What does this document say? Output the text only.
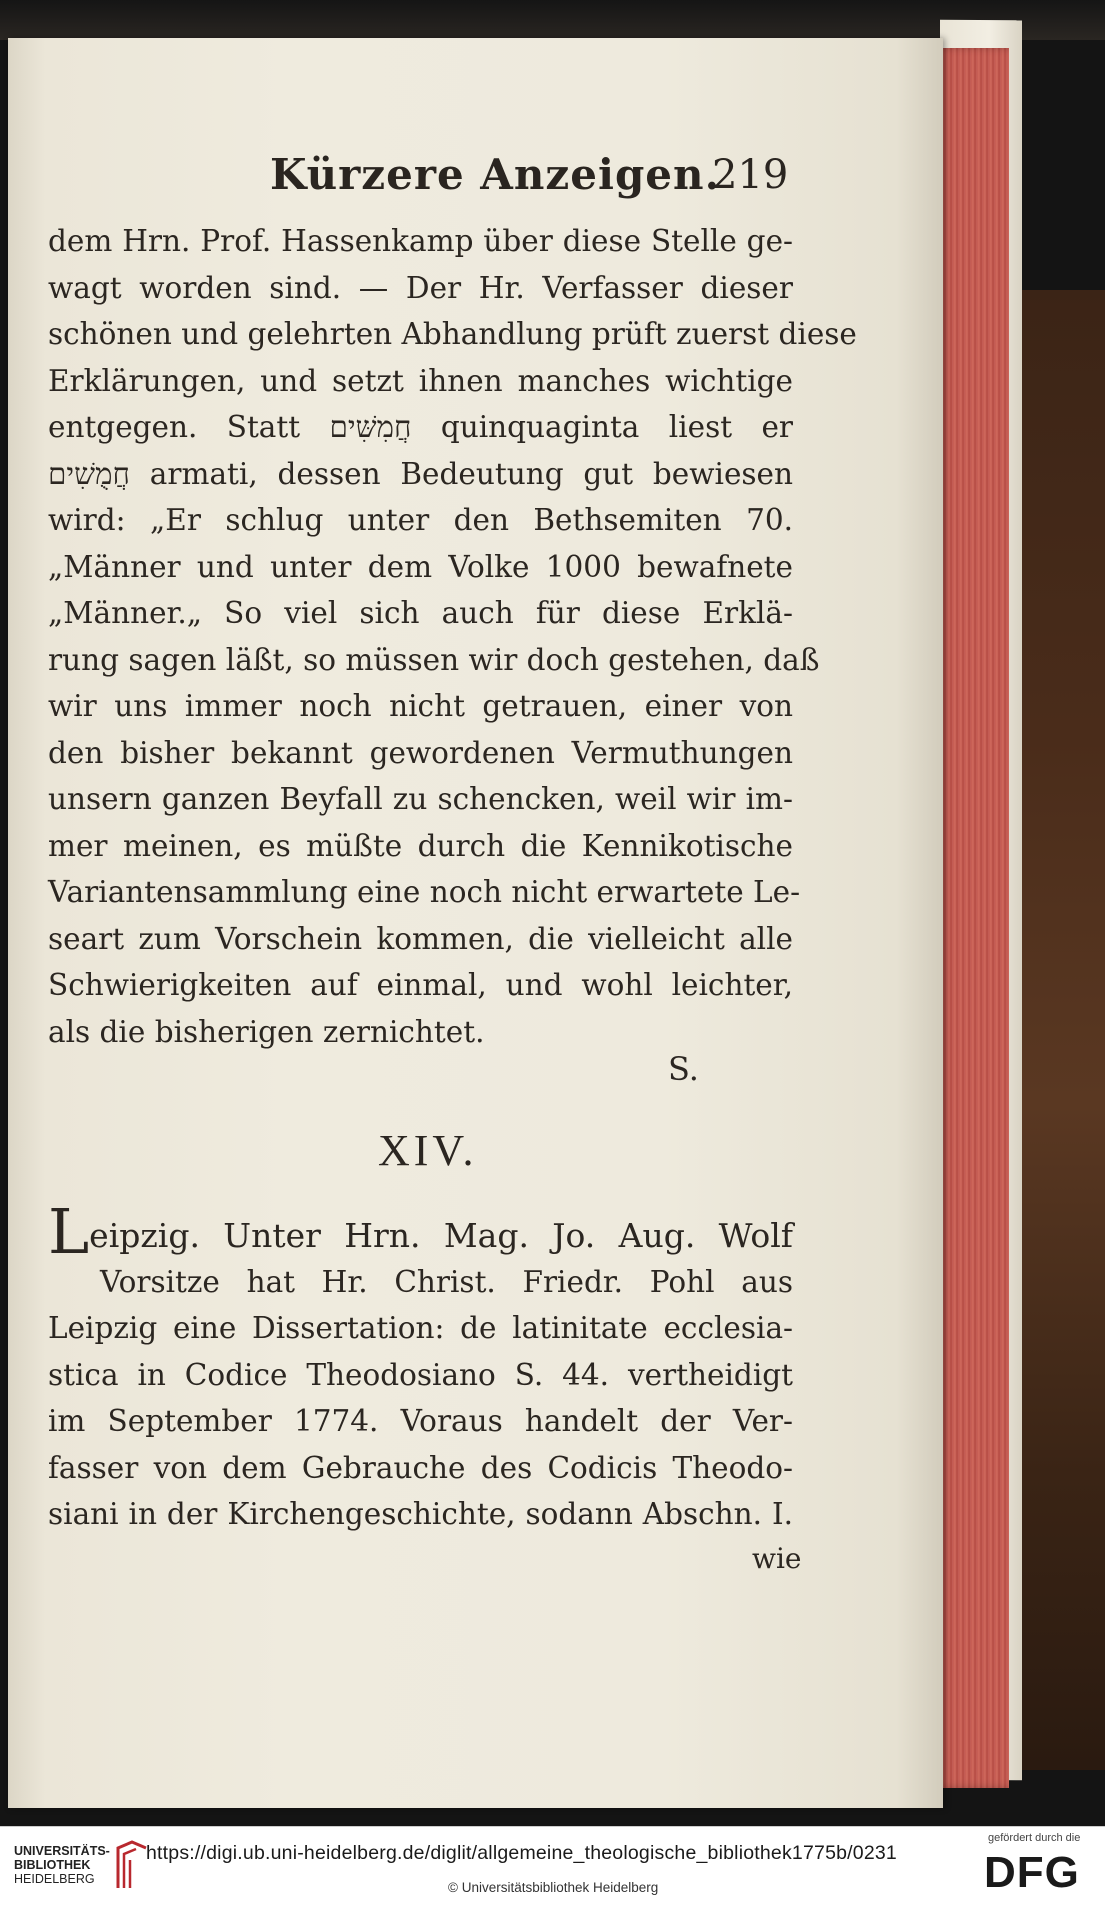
Kürzere Anzeigen.
219
dem Hrn. Prof. Hassenkamp über diese Stelle ge-
wagt worden sind. — Der Hr. Verfasser dieser
schönen und gelehrten Abhandlung prüft zuerst diese
Erklärungen, und setzt ihnen manches wichtige
entgegen. Statt חֲמִשִּׁים quinquaginta liest er
חֲמֻשִׁים armati, dessen Bedeutung gut bewiesen
wird: „Er schlug unter den Bethsemiten 70.
„Männer und unter dem Volke 1000 bewafnete
„Männer.„ So viel sich auch für diese Erklä-
rung sagen läßt, so müssen wir doch gestehen, daß
wir uns immer noch nicht getrauen, einer von
den bisher bekannt gewordenen Vermuthungen
unsern ganzen Beyfall zu schencken, weil wir im-
mer meinen, es müßte durch die Kennikotische
Variantensammlung eine noch nicht erwartete Le-
seart zum Vorschein kommen, die vielleicht alle
Schwierigkeiten auf einmal, und wohl leichter,
als die bisherigen zernichtet.
S.
XIV.
Leipzig. Unter Hrn. Mag. Jo. Aug. Wolf
Vorsitze hat Hr. Christ. Friedr. Pohl aus
Leipzig eine Dissertation: de latinitate ecclesia-
stica in Codice Theodosiano S. 44. vertheidigt
im September 1774. Voraus handelt der Ver-
fasser von dem Gebrauche des Codicis Theodo-
siani in der Kirchengeschichte, sodann Abschn. I.
wie
UNIVERSITÄTS-
BIBLIOTHEK
HEIDELBERG
https://digi.ub.uni-heidelberg.de/diglit/allgemeine_theologische_bibliothek1775b/0231
© Universitätsbibliothek Heidelberg
gefördert durch die
DFG
